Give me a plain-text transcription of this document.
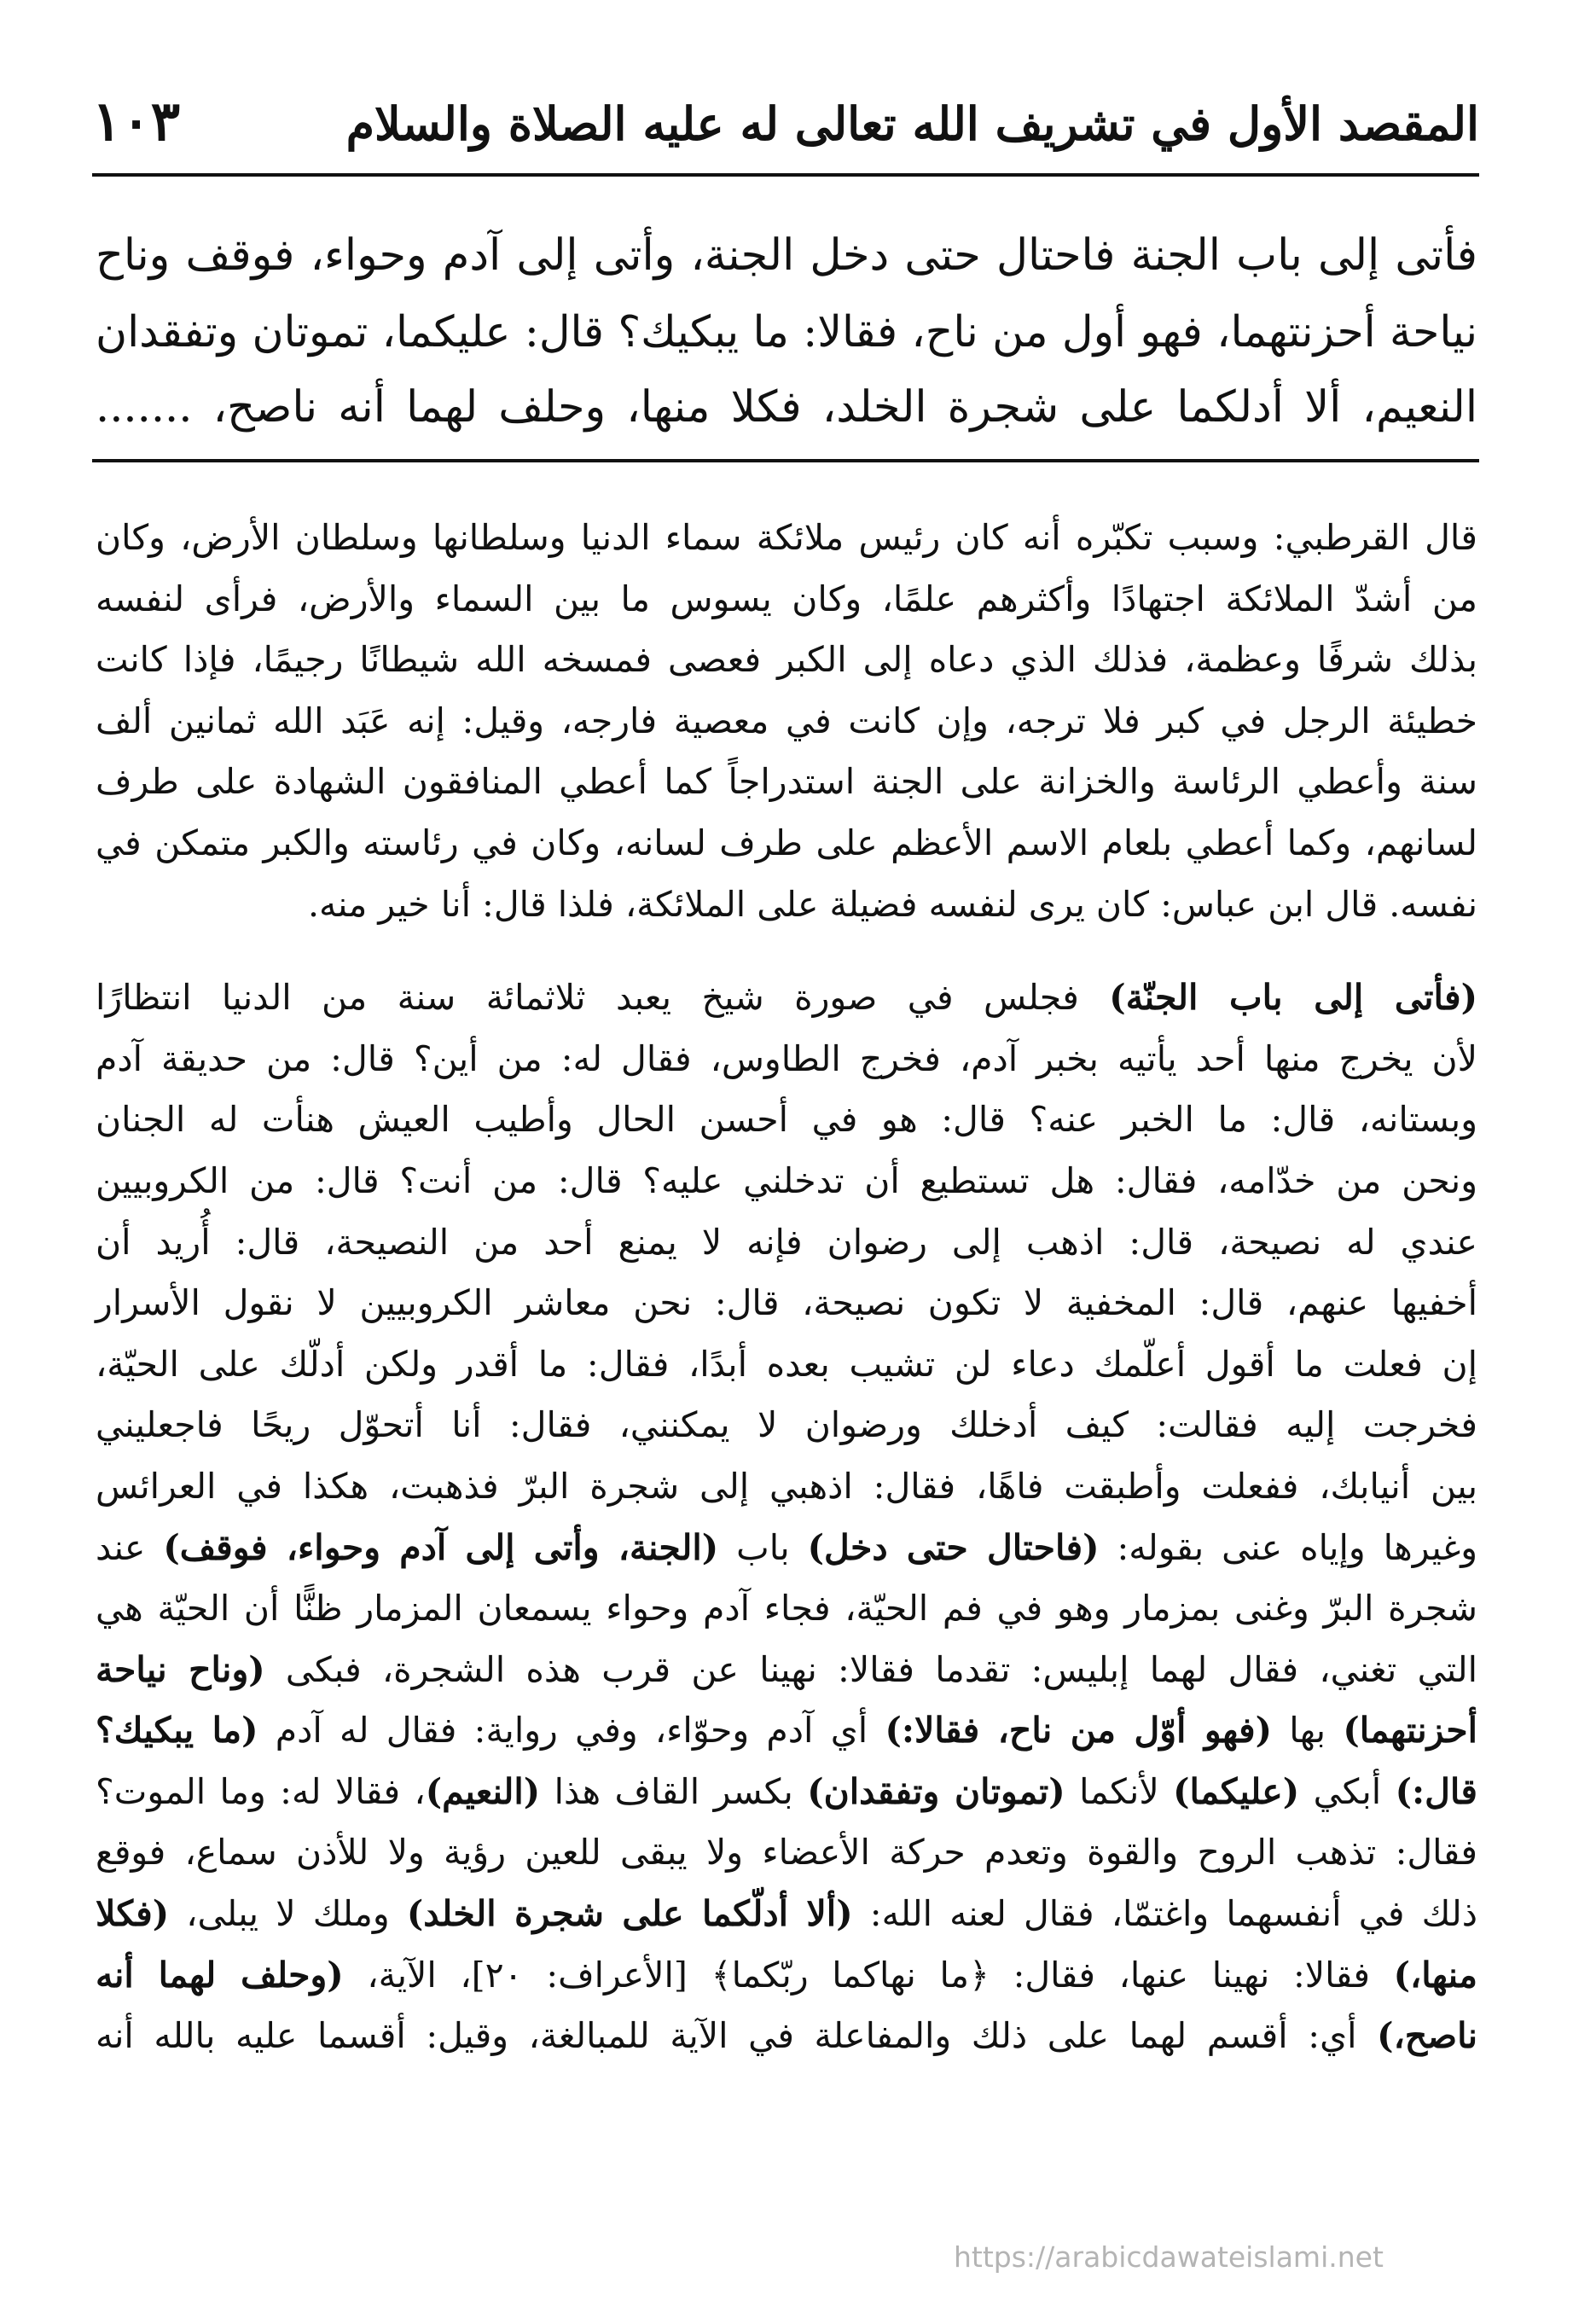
المقصد الأول في تشريف الله تعالى له عليه الصلاة والسلام
١٠٣
فأتى إلى باب الجنة فاحتال حتى دخل الجنة، وأتى إلى آدم وحواء، فوقف وناح
نياحة أحزنتهما، فهو أول من ناح، فقالا: ما يبكيك؟ قال: عليكما، تموتان وتفقدان
النعيم، ألا أدلكما على شجرة الخلد، فكلا منها، وحلف لهما أنه ناصح، .......
قال القرطبي: وسبب تكبّره أنه كان رئيس ملائكة سماء الدنيا وسلطانها وسلطان الأرض، وكان
من أشدّ الملائكة اجتهادًا وأكثرهم علمًا، وكان يسوس ما بين السماء والأرض، فرأى لنفسه
بذلك شرفًا وعظمة، فذلك الذي دعاه إلى الكبر فعصى فمسخه الله شيطانًا رجيمًا، فإذا كانت
خطيئة الرجل في كبر فلا ترجه، وإن كانت في معصية فارجه، وقيل: إنه عَبَد الله ثمانين ألف
سنة وأعطي الرئاسة والخزانة على الجنة استدراجاً كما أعطي المنافقون الشهادة على طرف
لسانهم، وكما أعطي بلعام الاسم الأعظم على طرف لسانه، وكان في رئاسته والكبر متمكن في
نفسه. قال ابن عباس: كان يرى لنفسه فضيلة على الملائكة، فلذا قال: أنا خير منه.
(فأتى إلى باب الجنّة) فجلس في صورة شيخ يعبد ثلاثمائة سنة من الدنيا انتظارًا
لأن يخرج منها أحد يأتيه بخبر آدم، فخرج الطاوس، فقال له: من أين؟ قال: من حديقة آدم
وبستانه، قال: ما الخبر عنه؟ قال: هو في أحسن الحال وأطيب العيش هنأت له الجنان
ونحن من خدّامه، فقال: هل تستطيع أن تدخلني عليه؟ قال: من أنت؟ قال: من الكروبيين
عندي له نصيحة، قال: اذهب إلى رضوان فإنه لا يمنع أحد من النصيحة، قال: أُريد أن
أخفيها عنهم، قال: المخفية لا تكون نصيحة، قال: نحن معاشر الكروبيين لا نقول الأسرار
إن فعلت ما أقول أعلّمك دعاء لن تشيب بعده أبدًا، فقال: ما أقدر ولكن أدلّك على الحيّة،
فخرجت إليه فقالت: كيف أدخلك ورضوان لا يمكنني، فقال: أنا أتحوّل ريحًا فاجعليني
بين أنيابك، ففعلت وأطبقت فاهًا، فقال: اذهبي إلى شجرة البرّ فذهبت، هكذا في العرائس
وغيرها وإياه عنى بقوله: (فاحتال حتى دخل) باب (الجنة، وأتى إلى آدم وحواء، فوقف) عند
شجرة البرّ وغنى بمزمار وهو في فم الحيّة، فجاء آدم وحواء يسمعان المزمار ظنًّا أن الحيّة هي
التي تغني، فقال لهما إبليس: تقدما فقالا: نهينا عن قرب هذه الشجرة، فبكى (وناح نياحة
أحزنتهما) بها (فهو أوّل من ناح، فقالا:) أي آدم وحوّاء، وفي رواية: فقال له آدم (ما يبكيك؟
قال:) أبكي (عليكما) لأنكما (تموتان وتفقدان) بكسر القاف هذا (النعيم)، فقالا له: وما الموت؟
فقال: تذهب الروح والقوة وتعدم حركة الأعضاء ولا يبقى للعين رؤية ولا للأذن سماع، فوقع
ذلك في أنفسهما واغتمّا، فقال لعنه الله: (ألا أدلّكما على شجرة الخلد) وملك لا يبلى، (فكلا
منها،) فقالا: نهينا عنها، فقال: ﴿ما نهاكما ربّكما﴾ [الأعراف: ٢٠]، الآية، (وحلف لهما أنه
ناصح،) أي: أقسم لهما على ذلك والمفاعلة في الآية للمبالغة، وقيل: أقسما عليه بالله أنه
https://arabicdawateislami.net
